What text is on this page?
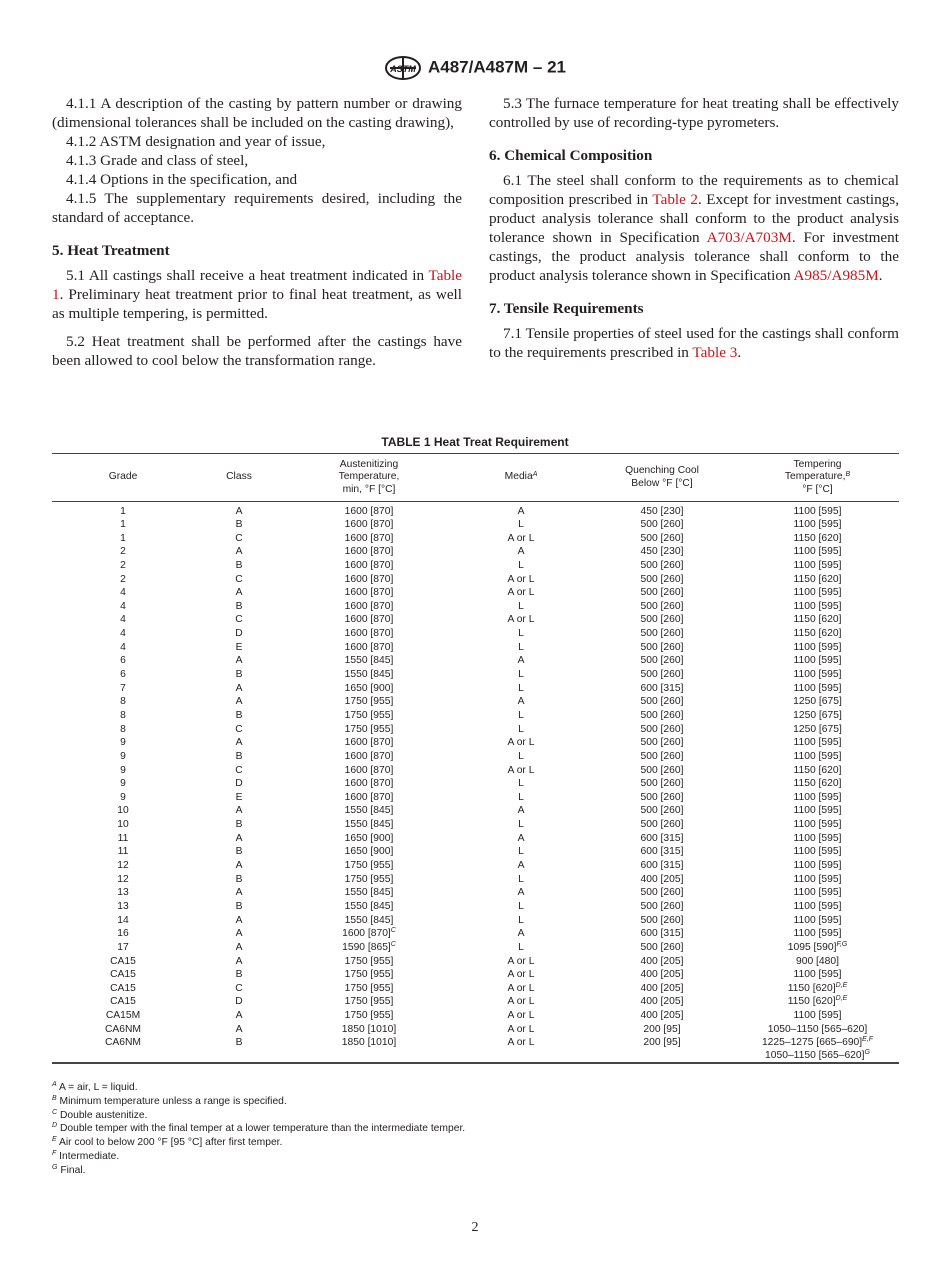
ASTM A487/A487M – 21

4.1.1 A description of the casting by pattern number or drawing (dimensional tolerances shall be included on the casting drawing),

4.1.2 ASTM designation and year of issue,

4.1.3 Grade and class of steel,

4.1.4 Options in the specification, and

4.1.5 The supplementary requirements desired, including the standard of acceptance.

5. Heat Treatment

5.1 All castings shall receive a heat treatment indicated in Table 1. Preliminary heat treatment prior to final heat treatment, as well as multiple tempering, is permitted.

5.2 Heat treatment shall be performed after the castings have been allowed to cool below the transformation range.

5.3 The furnace temperature for heat treating shall be effectively controlled by use of recording-type pyrometers.

6. Chemical Composition

6.1 The steel shall conform to the requirements as to chemical composition prescribed in Table 2. Except for investment castings, product analysis tolerance shall conform to the product analysis tolerance shown in Specification A703/A703M. For investment castings, the product analysis tolerance shall conform to the product analysis tolerance shown in Specification A985/A985M.

7. Tensile Requirements

7.1 Tensile properties of steel used for the castings shall conform to the requirements prescribed in Table 3.

TABLE 1 Heat Treat Requirement
Grade	Class	Austenitizing
Temperature,
min, °F [°C]	Media$^A$	Quenching Cool
Below °F [°C]	Tempering
Temperature,$^B$
°F [°C]
1	A	1600 [870]	A	450 [230]	1100 [595]
1	B	1600 [870]	L	500 [260]	1100 [595]
1	C	1600 [870]	A or L	500 [260]	1150 [620]
2	A	1600 [870]	A	450 [230]	1100 [595]
2	B	1600 [870]	L	500 [260]	1100 [595]
2	C	1600 [870]	A or L	500 [260]	1150 [620]
4	A	1600 [870]	A or L	500 [260]	1100 [595]
4	B	1600 [870]	L	500 [260]	1100 [595]
4	C	1600 [870]	A or L	500 [260]	1150 [620]
4	D	1600 [870]	L	500 [260]	1150 [620]
4	E	1600 [870]	L	500 [260]	1100 [595]
6	A	1550 [845]	A	500 [260]	1100 [595]
6	B	1550 [845]	L	500 [260]	1100 [595]
7	A	1650 [900]	L	600 [315]	1100 [595]
8	A	1750 [955]	A	500 [260]	1250 [675]
8	B	1750 [955]	L	500 [260]	1250 [675]
8	C	1750 [955]	L	500 [260]	1250 [675]
9	A	1600 [870]	A or L	500 [260]	1100 [595]
9	B	1600 [870]	L	500 [260]	1100 [595]
9	C	1600 [870]	A or L	500 [260]	1150 [620]
9	D	1600 [870]	L	500 [260]	1150 [620]
9	E	1600 [870]	L	500 [260]	1100 [595]
10	A	1550 [845]	A	500 [260]	1100 [595]
10	B	1550 [845]	L	500 [260]	1100 [595]
11	A	1650 [900]	A	600 [315]	1100 [595]
11	B	1650 [900]	L	600 [315]	1100 [595]
12	A	1750 [955]	A	600 [315]	1100 [595]
12	B	1750 [955]	L	400 [205]	1100 [595]
13	A	1550 [845]	A	500 [260]	1100 [595]
13	B	1550 [845]	L	500 [260]	1100 [595]
14	A	1550 [845]	L	500 [260]	1100 [595]
16	A	1600 $[870]^C$	A	600 [315]	1100 [595]
17	A	1590 $[865]^C$	L	500 [260]	1095 $[590]^{F,G}$
CA15	A	1750 [955]	A or L	400 [205]	900 [480]
CA15	B	1750 [955]	A or L	400 [205]	1100 [595]
CA15	C	1750 [955]	A or L	400 [205]	1150 $[620]^{D,E}$
CA15	D	1750 [955]	A or L	400 [205]	1150 $[620]^{D,E}$
CA15M	A	1750 [955]	A or L	400 [205]	1100 [595]
CA6NM	A	1850 [1010]	A or L	200 [95]	1050–1150 [565–620]
CA6NM	B	1850 [1010]	A or L	200 [95]	1225–1275 $[665-690]^{E,F}$
1050–1150 $[565-620]^G$
$^A$ A = air, L = liquid.
$^B$ Minimum temperature unless a range is specified.
$^C$ Double austenitize.
$^D$ Double temper with the final temper at a lower temperature than the intermediate temper.
$^E$ Air cool to below 200 °F [95 °C] after first temper.
$^F$ Intermediate.
$^G$ Final.
2
